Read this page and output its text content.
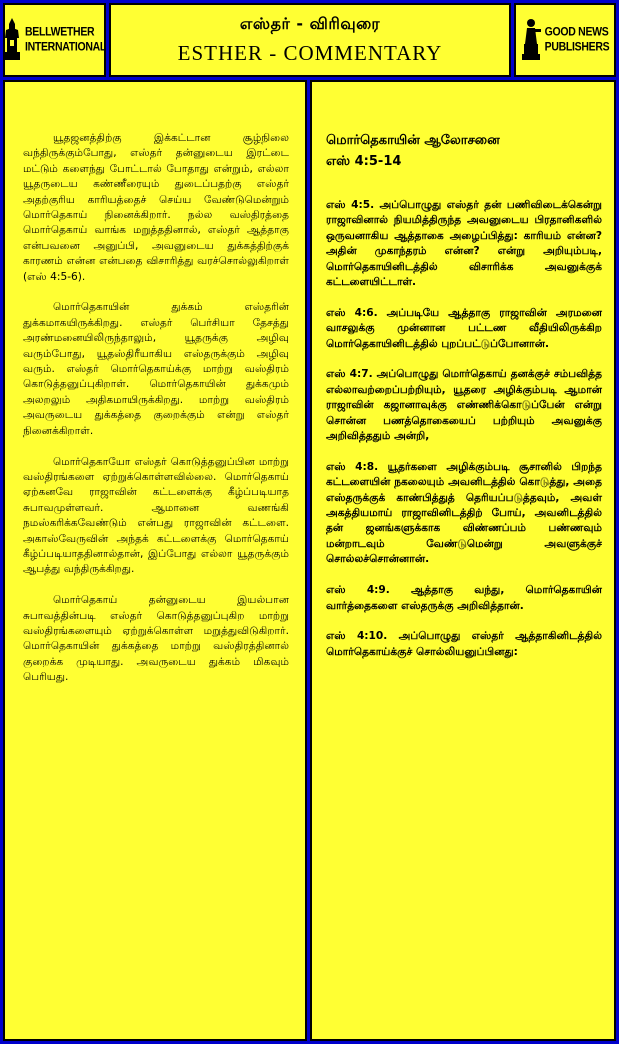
BELLWETHER
INTERNATIONAL
எஸ்தர் - விரிவுரை
ESTHER - COMMENTARY
GOOD NEWS
PUBLISHERS

யூதஜனத்திற்கு இக்கட்டான சூழ்நிலை வந்திருக்கும்போது, எஸ்தர் தன்னுடைய இரட்டை மட்டும் களைந்து போட்டால் போதாது என்றும், எல்லா யூதருடைய கண்ணீரையும் துடைப்பதற்கு எஸ்தர் அதற்குரிய காரியத்தைச் செய்ய வேண்டுமென்றும் மொர்தெகாய் நினைக்கிறார். நல்ல வஸ்திரத்தை மொர்தெகாய் வாங்க மறுத்ததினால், எஸ்தர் ஆத்தாகு என்பவனை அனுப்பி, அவனுடைய துக்கத்திற்குக் காரணம் என்ன என்பதை விசாரித்து வரச்சொல்லுகிறாள் (எஸ் 4:5-6).

மொர்தெகாயின் துக்கம் எஸ்தரின் துக்கமாகயிருக்கிறது. எஸ்தர் பெர்சியா தேசத்து அரண்மனையிலிருந்தாலும், யூதருக்கு அழிவு வரும்போது, யூதஸ்திரீயாகிய எஸ்தருக்கும் அழிவு வரும். எஸ்தர் மொர்தெகாய்க்கு மாற்று வஸ்திரம் கொடுத்தனுப்புகிறாள். மொர்தெகாயின் துக்கமும் அலறலும் அதிகமாயிருக்கிறது. மாற்று வஸ்திரம் அவருடைய துக்கத்தை குறைக்கும் என்று எஸ்தர் நினைக்கிறாள்.

மொர்தெகாயோ எஸ்தர் கொடுத்தனுப்பின மாற்று வஸ்திரங்களை ஏற்றுக்கொள்ளவில்லை. மொர்தெகாய் ஏற்கனவே ராஜாவின் கட்டளைக்கு கீழ்ப்படியாத சுபாவமுள்ளவர். ஆமானை வணங்கி நமஸ்கரிக்கவேண்டும் என்பது ராஜாவின் கட்டளை. அகாஸ்வேருவின் அந்தக் கட்டளைக்கு மொர்தெகாய் கீழ்ப்படியாததினால்தான், இப்போது எல்லா யூதருக்கும் ஆபத்து வந்திருக்கிறது.

மொர்தெகாய் தன்னுடைய இயல்பான சுபாவத்தின்படி எஸ்தர் கொடுத்தனுப்புகிற மாற்று வஸ்திரங்களையும் ஏற்றுக்கொள்ள மறுத்துவிடுகிறார். மொர்தெகாயின் துக்கத்தை மாற்று வஸ்திரத்தினால் குறைக்க முடியாது. அவருடைய துக்கம் மிகவும் பெரியது.

மொர்தெகாயின் ஆலோசனை
எஸ் 4:5-14

எஸ் 4:5. அப்பொழுது எஸ்தர் தன் பணிவிடைக்கென்று ராஜாவினால் நியமித்திருந்த அவனுடைய பிரதானிகளில் ஒருவனாகிய ஆத்தாகை அழைப்பித்து: காரியம் என்ன? அதின் முகாந்தரம் என்ன? என்று அறியும்படி, மொர்தெகாயினிடத்தில் விசாரிக்க அவனுக்குக் கட்டளையிட்டாள்.

எஸ் 4:6. அப்படியே ஆத்தாகு ராஜாவின் அரமனை வாசலுக்கு முன்னான பட்டண வீதியிலிருக்கிற மொர்தெகாயினிடத்தில் புறப்பட்டுப்போனான்.

எஸ் 4:7. அப்பொழுது மொர்தெகாய் தனக்குச் சம்பவித்த எல்லாவற்றைப்பற்றியும், யூதரை அழிக்கும்படி ஆமான் ராஜாவின் கஜானாவுக்கு எண்ணிக்கொடுப்பேன் என்று சொன்ன பணத்தொகையைப் பற்றியும் அவனுக்கு அறிவித்ததும் அன்றி,

எஸ் 4:8. யூதர்களை அழிக்கும்படி சூசானில் பிறந்த கட்டளையின் நகலையும் அவனிடத்தில் கொடுத்து, அதை எஸ்தருக்குக் காண்பித்துத் தெரியப்படுத்தவும், அவள் அகத்தியமாய் ராஜாவினிடத்திற் போய், அவனிடத்தில் தன் ஜனங்களுக்காக விண்ணப்பம் பண்ணவும் மன்றாடவும் வேண்டுமென்று அவளுக்குச் சொல்லச்சொன்னான்.

எஸ் 4:9. ஆத்தாகு வந்து, மொர்தெகாயின் வார்த்தைகளை எஸ்தருக்கு அறிவித்தான்.

எஸ் 4:10. அப்பொழுது எஸ்தர் ஆத்தாகினிடத்தில் மொர்தெகாய்க்குச் சொல்லியனுப்பினது:
